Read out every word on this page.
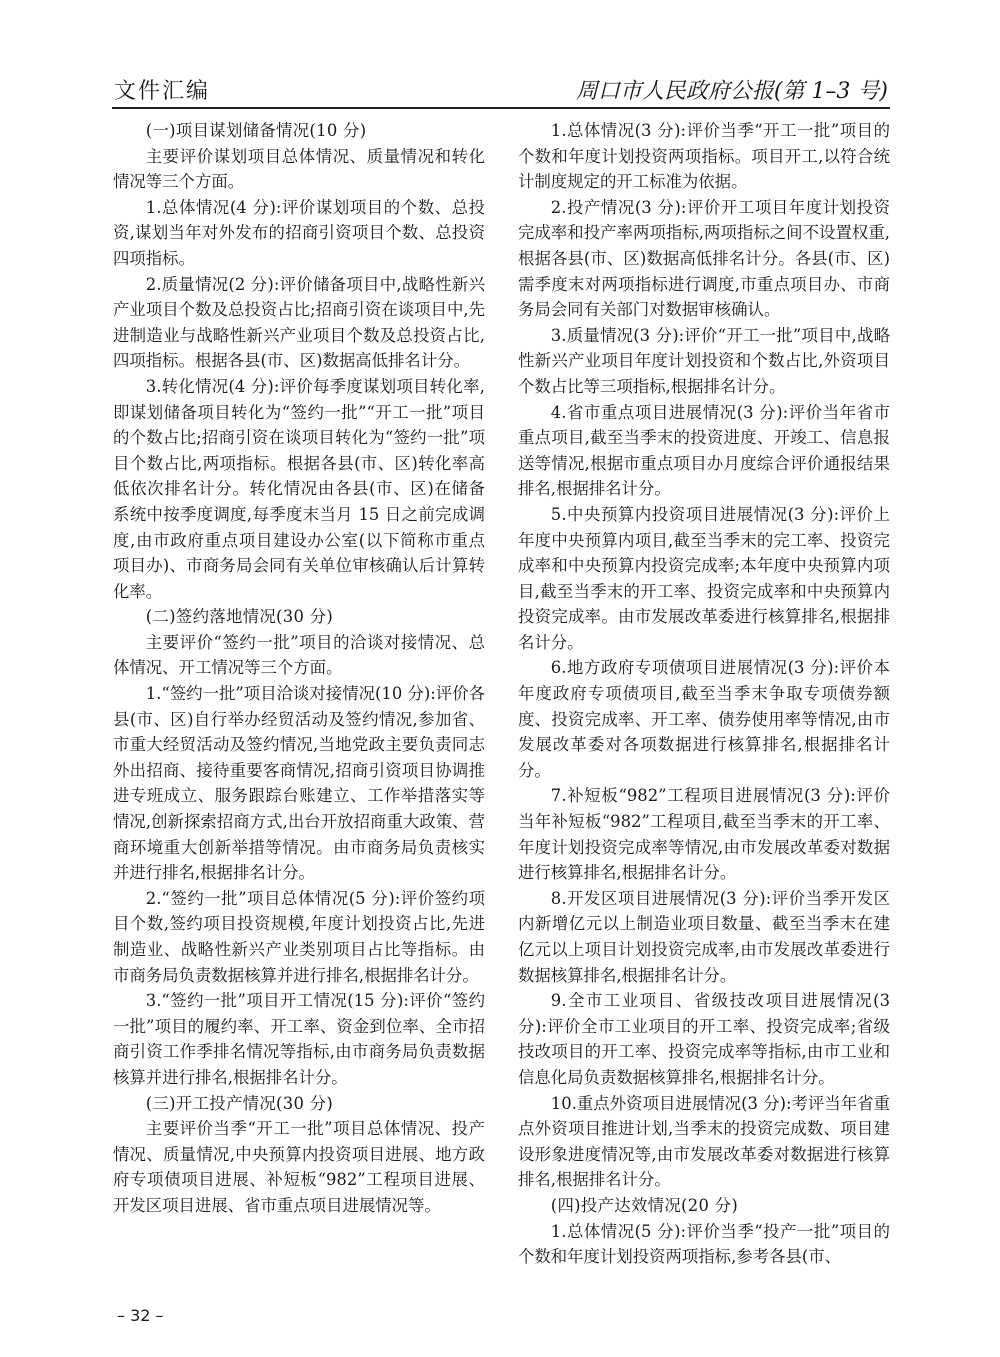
文件汇编	周口市人民政府公报(第 1–3 号)

(一)项目谋划储备情况(10 分)

主要评价谋划项目总体情况、质量情况和转化情况等三个方面。

1.总体情况(4 分):评价谋划项目的个数、总投资,谋划当年对外发布的招商引资项目个数、总投资四项指标。

2.质量情况(2 分):评价储备项目中,战略性新兴产业项目个数及总投资占比;招商引资在谈项目中,先进制造业与战略性新兴产业项目个数及总投资占比,四项指标。根据各县(市、区)数据高低排名计分。

3.转化情况(4 分):评价每季度谋划项目转化率,即谋划储备项目转化为“签约一批”“开工一批”项目的个数占比;招商引资在谈项目转化为“签约一批”项目个数占比,两项指标。根据各县(市、区)转化率高低依次排名计分。转化情况由各县(市、区)在储备系统中按季度调度,每季度末当月 15 日之前完成调度,由市政府重点项目建设办公室(以下简称市重点项目办)、市商务局会同有关单位审核确认后计算转化率。

(二)签约落地情况(30 分)

主要评价“签约一批”项目的洽谈对接情况、总体情况、开工情况等三个方面。

1.“签约一批”项目洽谈对接情况(10 分):评价各县(市、区)自行举办经贸活动及签约情况,参加省、市重大经贸活动及签约情况,当地党政主要负责同志外出招商、接待重要客商情况,招商引资项目协调推进专班成立、服务跟踪台账建立、工作举措落实等情况,创新探索招商方式,出台开放招商重大政策、营商环境重大创新举措等情况。由市商务局负责核实并进行排名,根据排名计分。

2.“签约一批”项目总体情况(5 分):评价签约项目个数,签约项目投资规模,年度计划投资占比,先进制造业、战略性新兴产业类别项目占比等指标。由市商务局负责数据核算并进行排名,根据排名计分。

3.“签约一批”项目开工情况(15 分):评价“签约一批”项目的履约率、开工率、资金到位率、全市招商引资工作季排名情况等指标,由市商务局负责数据核算并进行排名,根据排名计分。

(三)开工投产情况(30 分)

主要评价当季“开工一批”项目总体情况、投产情况、质量情况,中央预算内投资项目进展、地方政府专项债项目进展、补短板“982”工程项目进展、开发区项目进展、省市重点项目进展情况等。

1.总体情况(3 分):评价当季“开工一批”项目的个数和年度计划投资两项指标。项目开工,以符合统计制度规定的开工标准为依据。

2.投产情况(3 分):评价开工项目年度计划投资完成率和投产率两项指标,两项指标之间不设置权重,根据各县(市、区)数据高低排名计分。各县(市、区)需季度末对两项指标进行调度,市重点项目办、市商务局会同有关部门对数据审核确认。

3.质量情况(3 分):评价“开工一批”项目中,战略性新兴产业项目年度计划投资和个数占比,外资项目个数占比等三项指标,根据排名计分。

4.省市重点项目进展情况(3 分):评价当年省市重点项目,截至当季末的投资进度、开竣工、信息报送等情况,根据市重点项目办月度综合评价通报结果排名,根据排名计分。

5.中央预算内投资项目进展情况(3 分):评价上年度中央预算内项目,截至当季末的完工率、投资完成率和中央预算内投资完成率;本年度中央预算内项目,截至当季末的开工率、投资完成率和中央预算内投资完成率。由市发展改革委进行核算排名,根据排名计分。

6.地方政府专项债项目进展情况(3 分):评价本年度政府专项债项目,截至当季末争取专项债券额度、投资完成率、开工率、债券使用率等情况,由市发展改革委对各项数据进行核算排名,根据排名计分。

7.补短板“982”工程项目进展情况(3 分):评价当年补短板“982”工程项目,截至当季末的开工率、年度计划投资完成率等情况,由市发展改革委对数据进行核算排名,根据排名计分。

8.开发区项目进展情况(3 分):评价当季开发区内新增亿元以上制造业项目数量、截至当季末在建亿元以上项目计划投资完成率,由市发展改革委进行数据核算排名,根据排名计分。

9.全市工业项目、省级技改项目进展情况(3 分):评价全市工业项目的开工率、投资完成率;省级技改项目的开工率、投资完成率等指标,由市工业和信息化局负责数据核算排名,根据排名计分。

10.重点外资项目进展情况(3 分):考评当年省重点外资项目推进计划,当季末的投资完成数、项目建设形象进度情况等,由市发展改革委对数据进行核算排名,根据排名计分。

(四)投产达效情况(20 分)

1.总体情况(5 分):评价当季“投产一批”项目的个数和年度计划投资两项指标,参考各县(市、

– 32 –
